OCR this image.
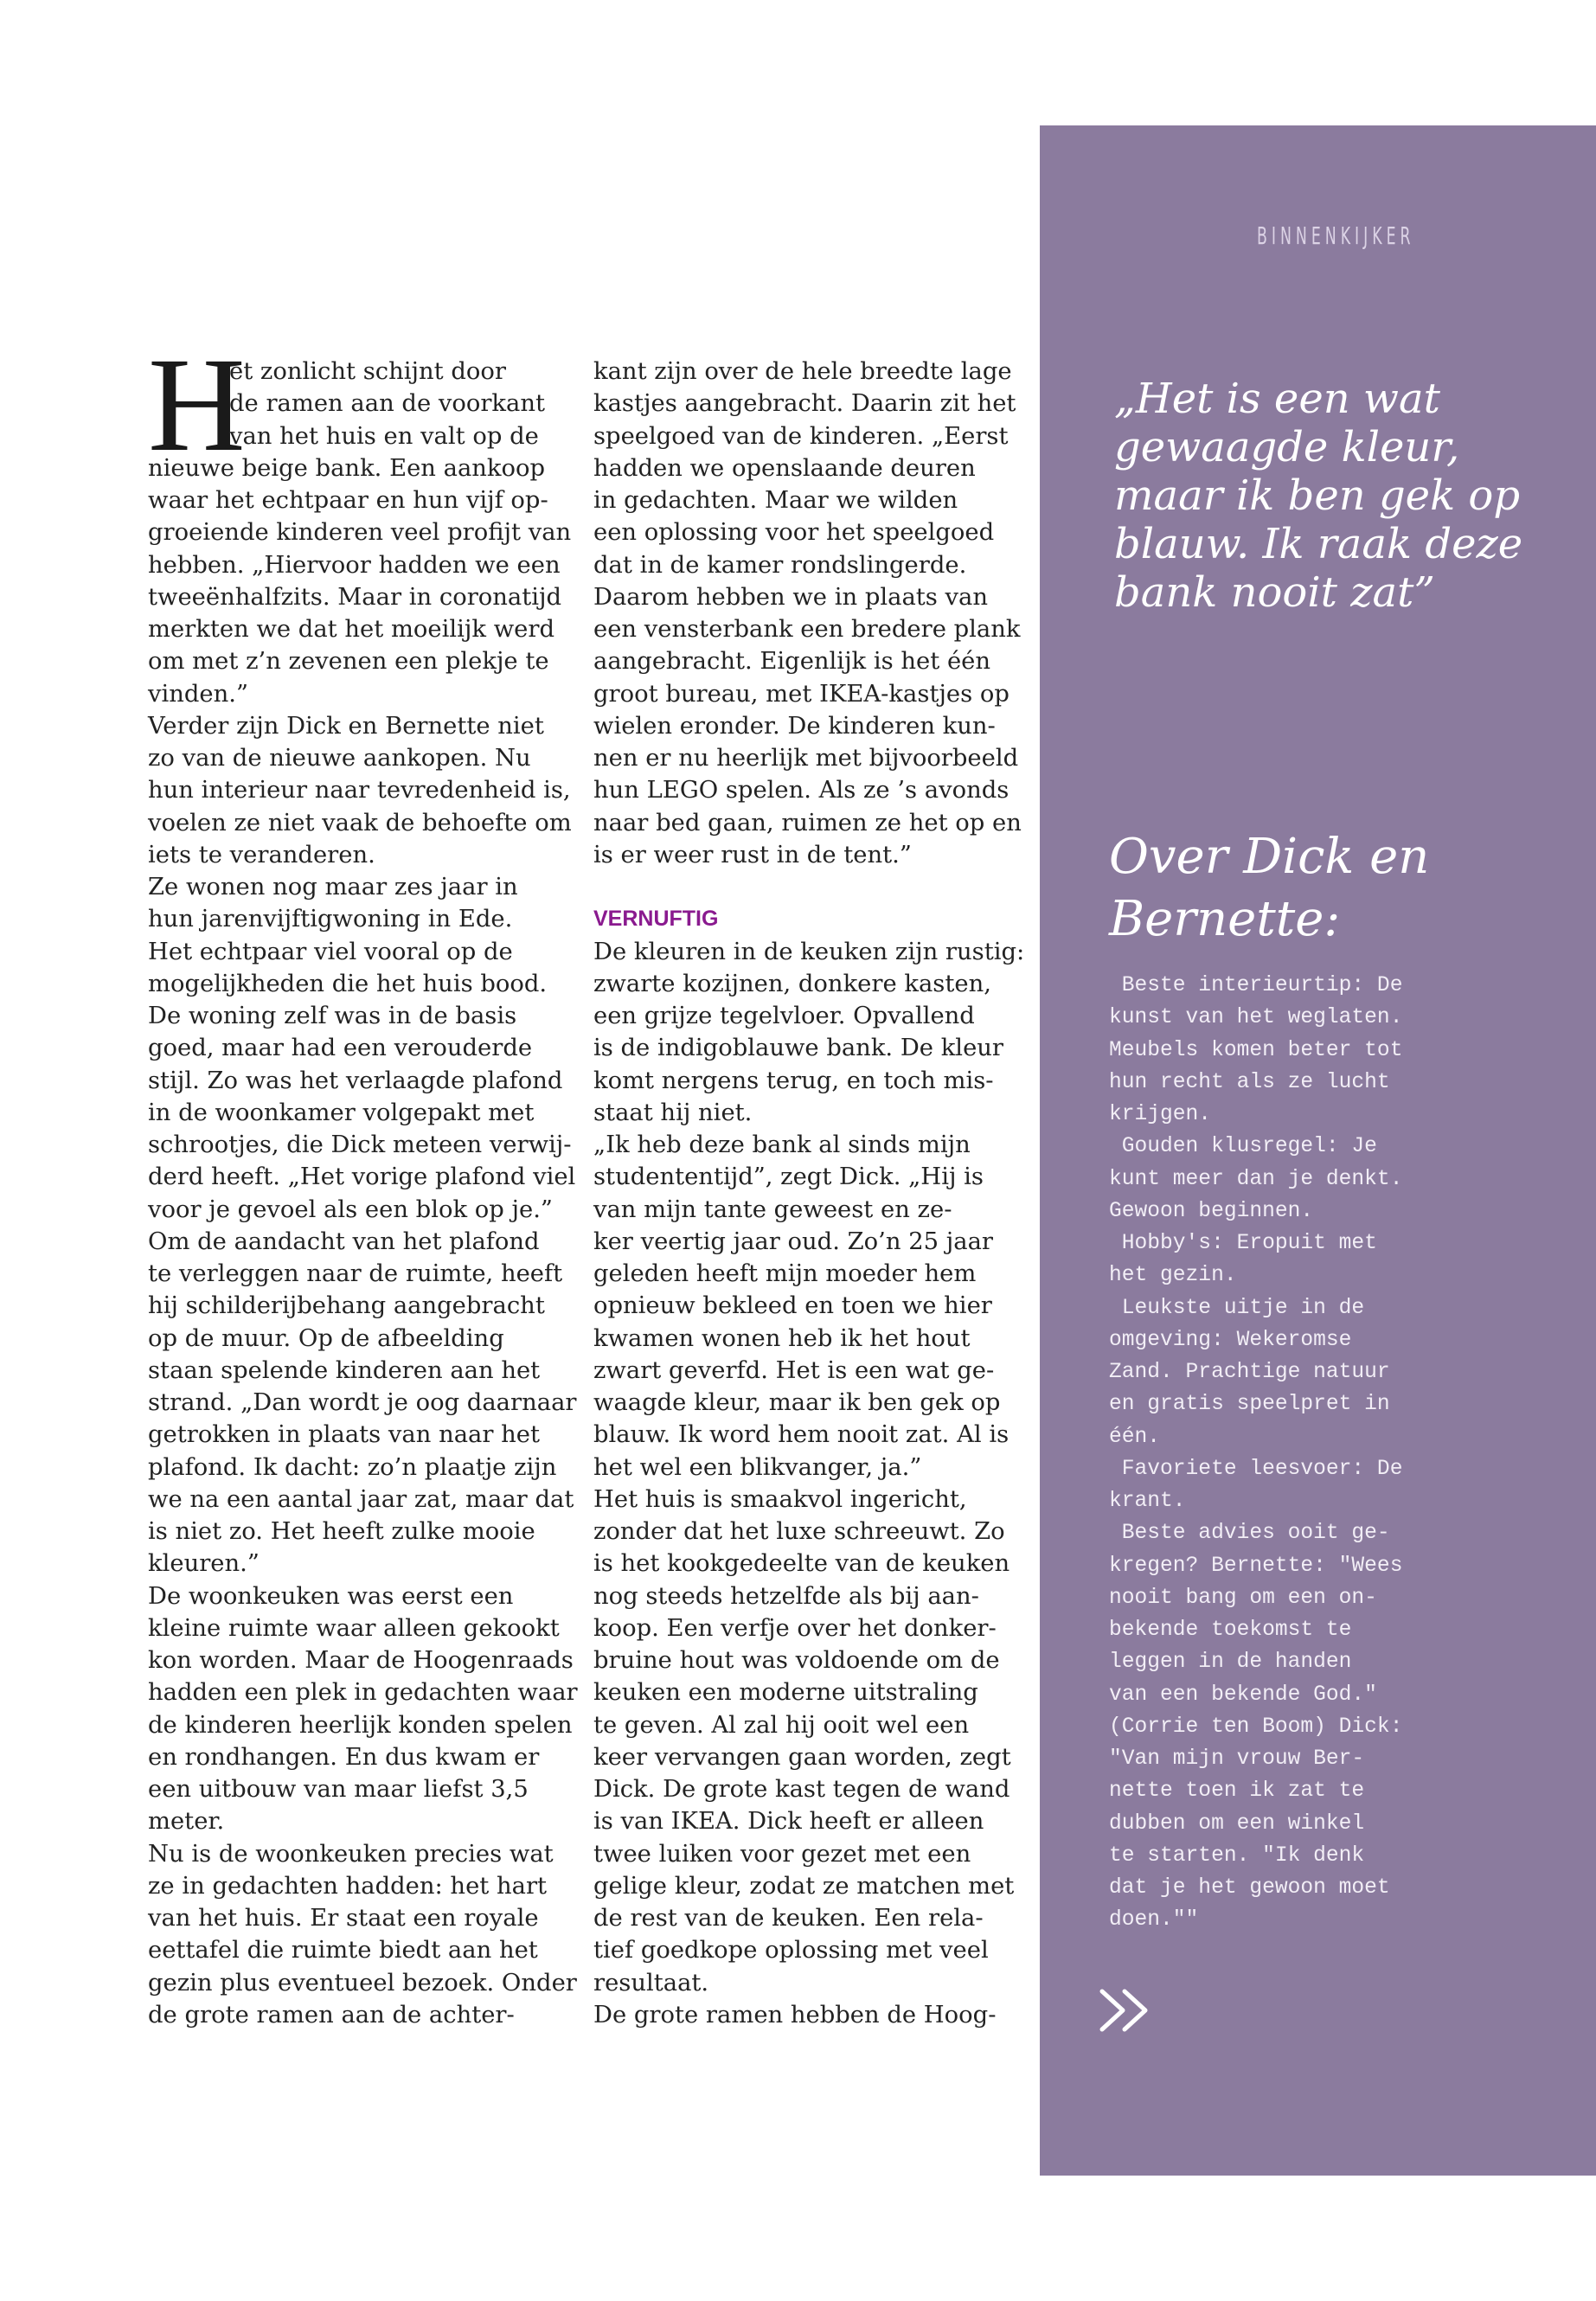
H
et zonlicht schijnt door
de ramen aan de voorkant
van het huis en valt op de
nieuwe beige bank. Een aankoop
waar het echtpaar en hun vijf op-
groeiende kinderen veel profijt van
hebben. „Hiervoor hadden we een
tweeënhalfzits. Maar in coronatijd
merkten we dat het moeilijk werd
om met z’n zevenen een plekje te
vinden.”
Verder zijn Dick en Bernette niet
zo van de nieuwe aankopen. Nu
hun interieur naar tevredenheid is,
voelen ze niet vaak de behoefte om
iets te veranderen.
Ze wonen nog maar zes jaar in
hun jarenvijftigwoning in Ede.
Het echtpaar viel vooral op de
mogelijkheden die het huis bood.
De woning zelf was in de basis
goed, maar had een verouderde
stijl. Zo was het verlaagde plafond
in de woonkamer volgepakt met
schrootjes, die Dick meteen verwij-
derd heeft. „Het vorige plafond viel
voor je gevoel als een blok op je.”
Om de aandacht van het plafond
te verleggen naar de ruimte, heeft
hij schilderijbehang aangebracht
op de muur. Op de afbeelding
staan spelende kinderen aan het
strand. „Dan wordt je oog daarnaar
getrokken in plaats van naar het
plafond. Ik dacht: zo’n plaatje zijn
we na een aantal jaar zat, maar dat
is niet zo. Het heeft zulke mooie
kleuren.”
De woonkeuken was eerst een
kleine ruimte waar alleen gekookt
kon worden. Maar de Hoogenraads
hadden een plek in gedachten waar
de kinderen heerlijk konden spelen
en rondhangen. En dus kwam er
een uitbouw van maar liefst 3,5
meter.
Nu is de woonkeuken precies wat
ze in gedachten hadden: het hart
van het huis. Er staat een royale
eettafel die ruimte biedt aan het
gezin plus eventueel bezoek. Onder
de grote ramen aan de achter-
kant zijn over de hele breedte lage
kastjes aangebracht. Daarin zit het
speelgoed van de kinderen. „Eerst
hadden we openslaande deuren
in gedachten. Maar we wilden
een oplossing voor het speelgoed
dat in de kamer rondslingerde.
Daarom hebben we in plaats van
een vensterbank een bredere plank
aangebracht. Eigenlijk is het één
groot bureau, met IKEA-kastjes op
wielen eronder. De kinderen kun-
nen er nu heerlijk met bijvoorbeeld
hun LEGO spelen. Als ze ’s avonds
naar bed gaan, ruimen ze het op en
is er weer rust in de tent.”
VERNUFTIG
De kleuren in de keuken zijn rustig:
zwarte kozijnen, donkere kasten,
een grijze tegelvloer. Opvallend
is de indigoblauwe bank. De kleur
komt nergens terug, en toch mis-
staat hij niet.
„Ik heb deze bank al sinds mijn
studententijd”, zegt Dick. „Hij is
van mijn tante geweest en ze-
ker veertig jaar oud. Zo’n 25 jaar
geleden heeft mijn moeder hem
opnieuw bekleed en toen we hier
kwamen wonen heb ik het hout
zwart geverfd. Het is een wat ge-
waagde kleur, maar ik ben gek op
blauw. Ik word hem nooit zat. Al is
het wel een blikvanger, ja.”
Het huis is smaakvol ingericht,
zonder dat het luxe schreeuwt. Zo
is het kookgedeelte van de keuken
nog steeds hetzelfde als bij aan-
koop. Een verfje over het donker-
bruine hout was voldoende om de
keuken een moderne uitstraling
te geven. Al zal hij ooit wel een
keer vervangen gaan worden, zegt
Dick. De grote kast tegen de wand
is van IKEA. Dick heeft er alleen
twee luiken voor gezet met een
gelige kleur, zodat ze matchen met
de rest van de keuken. Een rela-
tief goedkope oplossing met veel
resultaat.
De grote ramen hebben de Hoog-
BINNENKIJKER
„Het is een wat
gewaagde kleur,
maar ik ben gek op
blauw. Ik raak deze
bank nooit zat”
Over Dick en
Bernette:
Beste interieurtip: De
kunst van het weglaten.
Meubels komen beter tot
hun recht als ze lucht
krijgen.
Gouden klusregel: Je
kunt meer dan je denkt.
Gewoon beginnen.
Hobby's: Eropuit met
het gezin.
Leukste uitje in de
omgeving: Wekeromse
Zand. Prachtige natuur
en gratis speelpret in
één.
Favoriete leesvoer: De
krant.
Beste advies ooit ge-
kregen? Bernette: "Wees
nooit bang om een on-
bekende toekomst te
leggen in de handen
van een bekende God."
(Corrie ten Boom) Dick:
"Van mijn vrouw Ber-
nette toen ik zat te
dubben om een winkel
te starten. "Ik denk
dat je het gewoon moet
doen.""
